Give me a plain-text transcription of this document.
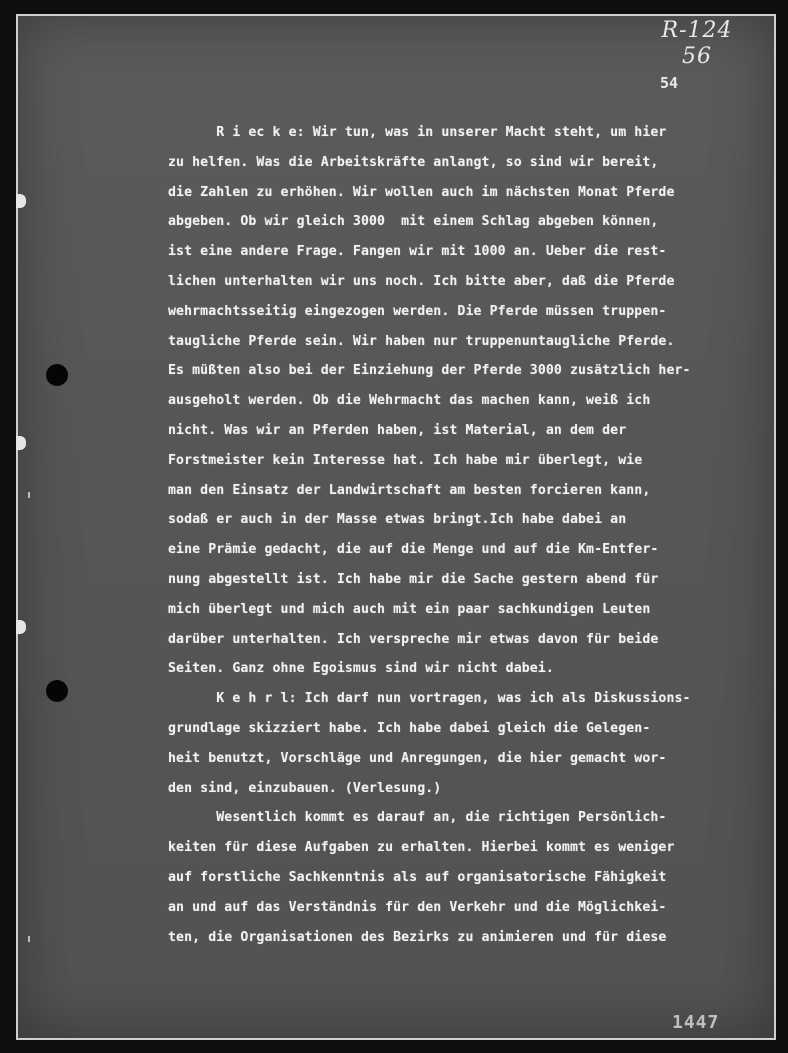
R-124
56
54
R i ec k e: Wir tun, was in unserer Macht steht, um hier
zu helfen. Was die Arbeitskräfte anlangt, so sind wir bereit,
die Zahlen zu erhöhen. Wir wollen auch im nächsten Monat Pferde
abgeben. Ob wir gleich 3000  mit einem Schlag abgeben können,
ist eine andere Frage. Fangen wir mit 1000 an. Ueber die rest-
lichen unterhalten wir uns noch. Ich bitte aber, daß die Pferde
wehrmachtsseitig eingezogen werden. Die Pferde müssen truppen-
taugliche Pferde sein. Wir haben nur truppenuntaugliche Pferde.
Es müßten also bei der Einziehung der Pferde 3000 zusätzlich her-
ausgeholt werden. Ob die Wehrmacht das machen kann, weiß ich
nicht. Was wir an Pferden haben, ist Material, an dem der
Forstmeister kein Interesse hat. Ich habe mir überlegt, wie
man den Einsatz der Landwirtschaft am besten forcieren kann,
sodaß er auch in der Masse etwas bringt.Ich habe dabei an
eine Prämie gedacht, die auf die Menge und auf die Km-Entfer-
nung abgestellt ist. Ich habe mir die Sache gestern abend für
mich überlegt und mich auch mit ein paar sachkundigen Leuten
darüber unterhalten. Ich verspreche mir etwas davon für beide
Seiten. Ganz ohne Egoismus sind wir nicht dabei.
K e h r l: Ich darf nun vortragen, was ich als Diskussions-
grundlage skizziert habe. Ich habe dabei gleich die Gelegen-
heit benutzt, Vorschläge und Anregungen, die hier gemacht wor-
den sind, einzubauen. (Verlesung.)
Wesentlich kommt es darauf an, die richtigen Persönlich-
keiten für diese Aufgaben zu erhalten. Hierbei kommt es weniger
auf forstliche Sachkenntnis als auf organisatorische Fähigkeit
an und auf das Verständnis für den Verkehr und die Möglichkei-
ten, die Organisationen des Bezirks zu animieren und für diese
1447
